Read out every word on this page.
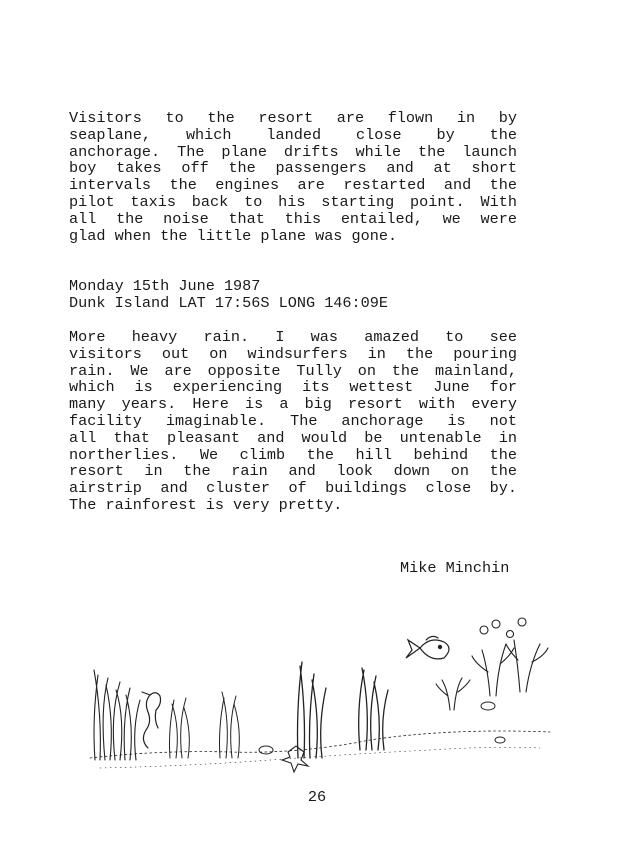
Visitors to the resort are flown in by
seaplane, which landed close by the
anchorage. The plane drifts while the launch
boy takes off the passengers and at short
intervals the engines are restarted and the
pilot taxis back to his starting point. With
all the noise that this entailed, we were
glad when the little plane was gone.
Monday 15th June 1987
Dunk Island LAT 17:56S LONG 146:09E
More heavy rain. I was amazed to see
visitors out on windsurfers in the pouring
rain. We are opposite Tully on the mainland,
which is experiencing its wettest June for
many years. Here is a big resort with every
facility imaginable. The anchorage is not
all that pleasant and would be untenable in
northerlies. We climb the hill behind the
resort in the rain and look down on the
airstrip and cluster of buildings close by.
The rainforest is very pretty.
Mike Minchin
26
